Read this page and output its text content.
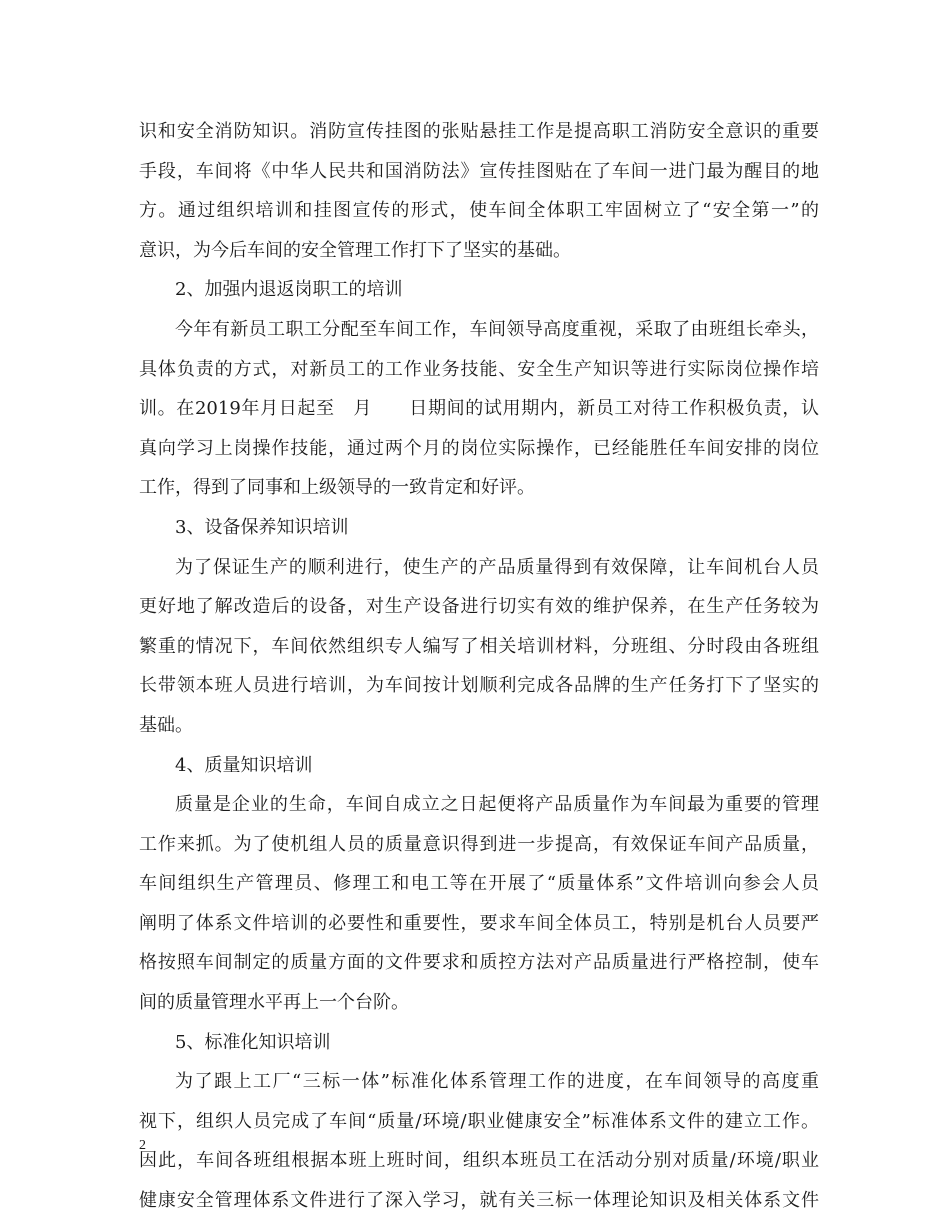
识和安全消防知识。消防宣传挂图的张贴悬挂工作是提高职工消防安全意识的重要
手段，车间将《中华人民共和国消防法》宣传挂图贴在了车间一进门最为醒目的地
方。通过组织培训和挂图宣传的形式，使车间全体职工牢固树立了“安全第一”的
意识，为今后车间的安全管理工作打下了坚实的基础。
2、加强内退返岗职工的培训
今年有新员工职工分配至车间工作，车间领导高度重视，采取了由班组长牵头，
具体负责的方式，对新员工的工作业务技能、安全生产知识等进行实际岗位操作培
训。在2019年月日起至　月　　日期间的试用期内，新员工对待工作积极负责，认
真向学习上岗操作技能，通过两个月的岗位实际操作，已经能胜任车间安排的岗位
工作，得到了同事和上级领导的一致肯定和好评。
3、设备保养知识培训
为了保证生产的顺利进行，使生产的产品质量得到有效保障，让车间机台人员
更好地了解改造后的设备，对生产设备进行切实有效的维护保养，在生产任务较为
繁重的情况下，车间依然组织专人编写了相关培训材料，分班组、分时段由各班组
长带领本班人员进行培训，为车间按计划顺利完成各品牌的生产任务打下了坚实的
基础。
4、质量知识培训
质量是企业的生命，车间自成立之日起便将产品质量作为车间最为重要的管理
工作来抓。为了使机组人员的质量意识得到进一步提高，有效保证车间产品质量，
车间组织生产管理员、修理工和电工等在开展了“质量体系”文件培训向参会人员
阐明了体系文件培训的必要性和重要性，要求车间全体员工，特别是机台人员要严
格按照车间制定的质量方面的文件要求和质控方法对产品质量进行严格控制，使车
间的质量管理水平再上一个台阶。
5、标准化知识培训
为了跟上工厂“三标一体”标准化体系管理工作的进度，在车间领导的高度重
视下，组织人员完成了车间“质量/环境/职业健康安全”标准体系文件的建立工作。
因此，车间各班组根据本班上班时间，组织本班员工在活动分别对质量/环境/职业
健康安全管理体系文件进行了深入学习，就有关三标一体理论知识及相关体系文件
2
